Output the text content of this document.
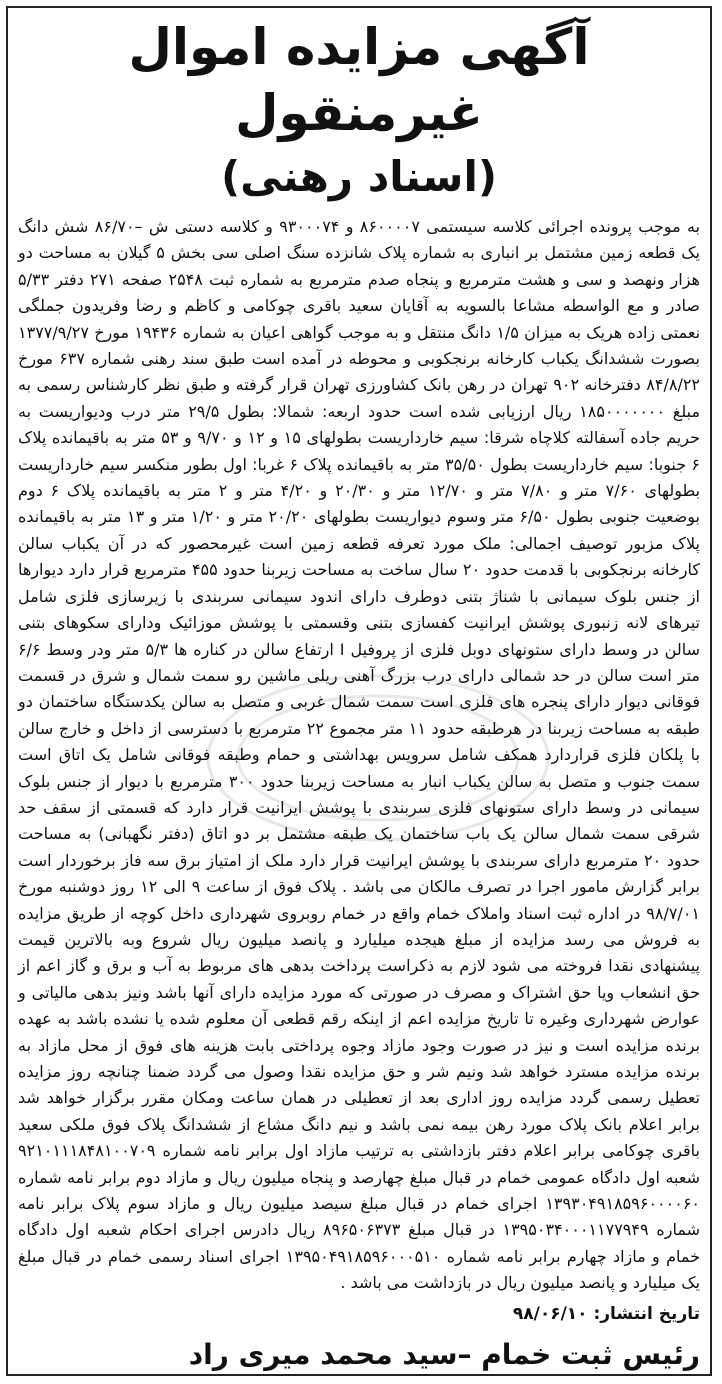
آگهی مزایده اموال غیرمنقول
(اسناد رهنی)

به موجب پرونده اجرائی کلاسه سیستمی ۸۶۰۰۰۰۷ و ۹۳۰۰۰۷۴ و کلاسه دستی ش –۸۶/۷۰ شش دانگ یک قطعه زمین مشتمل بر انباری به شماره پلاک شانزده سنگ اصلی سی بخش ۵ گیلان به مساحت دو هزار ونهصد و سی و هشت مترمربع و پنجاه صدم مترمربع به شماره ثبت ۲۵۴۸ صفحه ۲۷۱ دفتر ۵/۳۳ صادر و مع الواسطه مشاعا بالسویه به آقایان سعید باقری چوکامی و کاظم و رضا وفریدون جملگی نعمتی زاده هریک به میزان ۱/۵ دانگ منتقل و به موجب گواهی اعیان به شماره ۱۹۴۳۶ مورخ ۱۳۷۷/۹/۲۷ بصورت ششدانگ یکباب کارخانه برنجکوبی و محوطه در آمده است طبق سند رهنی شماره ۶۳۷ مورخ ۸۴/۸/۲۲ دفترخانه ۹۰۲ تهران در رهن بانک کشاورزی تهران قرار گرفته و طبق نظر کارشناس رسمی به مبلغ ۱۸۵۰۰۰۰۰۰۰ ریال ارزیابی شده است حدود اربعه: شمالا: بطول ۲۹/۵ متر درب ودیواریست به حریم جاده آسفالته کلاچاه شرقا: سیم خارداریست بطولهای ۱۵ و ۱۲ و ۹/۷۰ و ۵۳ متر به باقیمانده پلاک ۶ جنوبا: سیم خارداریست بطول ۳۵/۵۰ متر به باقیمانده پلاک ۶ غربا: اول بطور منکسر سیم خارداریست بطولهای ۷/۶۰ متر و ۷/۸۰ متر و ۱۲/۷۰ متر و ۲۰/۳۰ و ۴/۲۰ متر و ۲ متر به باقیمانده پلاک ۶ دوم بوضعیت جنوبی بطول ۶/۵۰ متر وسوم دیواریست بطولهای ۲۰/۲۰ متر و ۱/۲۰ متر و ۱۳ متر به باقیمانده پلاک مزبور توصیف اجمالی: ملک مورد تعرفه قطعه زمین است غیرمحصور که در آن یکباب سالن کارخانه برنجکوبی با قدمت حدود ۲۰ سال ساخت به مساحت زیربنا حدود ۴۵۵ مترمربع قرار دارد دیوارها از جنس بلوک سیمانی با شناژ بتنی دوطرف دارای اندود سیمانی سربندی با زیرسازی فلزی شامل تیرهای لانه زنبوری پوشش ایرانیت کفسازی بتنی وقسمتی با پوشش موزائیک ودارای سکوهای بتنی سالن در وسط دارای ستونهای دوبل فلزی از پروفیل I ارتفاع سالن در کناره ها ۵/۳ متر ودر وسط ۶/۶ متر است سالن در حد شمالی دارای درب بزرگ آهنی ریلی ماشین رو سمت شمال و شرق در قسمت فوقانی دیوار دارای پنجره های فلزی است سمت شمال غربی و متصل به سالن یکدستگاه ساختمان دو طبقه به مساحت زیربنا در هرطبقه حدود ۱۱ متر مجموع ۲۲ مترمربع با دسترسی از داخل و خارج سالن با پلکان فلزی قراردارد همکف شامل سرویس بهداشتی و حمام وطبقه فوقانی شامل یک اتاق است سمت جنوب و متصل به سالن یکباب انبار به مساحت زیربنا حدود ۳۰۰ مترمربع با دیوار از جنس بلوک سیمانی در وسط دارای ستونهای فلزی سربندی با پوشش ایرانیت قرار دارد که قسمتی از سقف حد شرقی سمت شمال سالن یک باب ساختمان یک طبقه مشتمل بر دو اتاق (دفتر نگهبانی) به مساحت حدود ۲۰ مترمربع دارای سربندی با پوشش ایرانیت قرار دارد ملک از امتیاز برق سه فاز برخوردار است برابر گزارش مامور اجرا در تصرف مالکان می باشد . پلاک فوق از ساعت ۹ الی ۱۲ روز دوشنبه مورخ ۹۸/۷/۰۱ در اداره ثبت اسناد واملاک خمام واقع در خمام روبروی شهرداری داخل کوچه از طریق مزایده به فروش می رسد مزایده از مبلغ هیجده میلیارد و پانصد میلیون ریال شروع وبه بالاترین قیمت پیشنهادی نقدا فروخته می شود لازم به ذکراست پرداخت بدهی های مربوط به آب و برق و گاز اعم از حق انشعاب ویا حق اشتراک و مصرف در صورتی که مورد مزایده دارای آنها باشد ونیز بدهی مالیاتی و عوارض شهرداری وغیره تا تاریخ مزایده اعم از اینکه رقم قطعی آن معلوم شده یا نشده باشد به عهده برنده مزایده است و نیز در صورت وجود مازاد وجوه پرداختی بابت هزینه های فوق از محل مازاد به برنده مزایده مسترد خواهد شد ونیم شر و حق مزایده نقدا وصول می گردد ضمنا چنانچه روز مزایده تعطیل رسمی گردد مزایده روز اداری بعد از تعطیلی در همان ساعت ومکان مقرر برگزار خواهد شد برابر اعلام بانک پلاک مورد رهن بیمه نمی باشد و نیم دانگ مشاع از ششدانگ پلاک فوق ملکی سعید باقری چوکامی برابر اعلام دفتر بازداشتی به ترتیب مازاد اول برابر نامه شماره ۹۲۱۰۱۱۱۸۴۸۱۰۰۷۰۹ شعبه اول دادگاه عمومی خمام در قبال مبلغ چهارصد و پنجاه میلیون ریال و مازاد دوم برابر نامه شماره ۱۳۹۳۰۴۹۱۸۵۹۶۰۰۰۰۶۰ اجرای خمام در قبال مبلغ سیصد میلیون ریال و مازاد سوم پلاک برابر نامه شماره ۱۳۹۵۰۳۴۰۰۰۱۱۷۷۹۴۹ در قبال مبلغ ۸۹۶۵۰۶۳۷۳ ریال دادرس اجرای احکام شعبه اول دادگاه خمام و مازاد چهارم برابر نامه شماره ۱۳۹۵۰۴۹۱۸۵۹۶۰۰۰۵۱۰ اجرای اسناد رسمی خمام در قبال مبلغ یک میلیارد و پانصد میلیون ریال در بازداشت می باشد .

تاریخ انتشار: ۹۸/۰۶/۱۰
رئیس ثبت خمام –سید محمد میری راد
